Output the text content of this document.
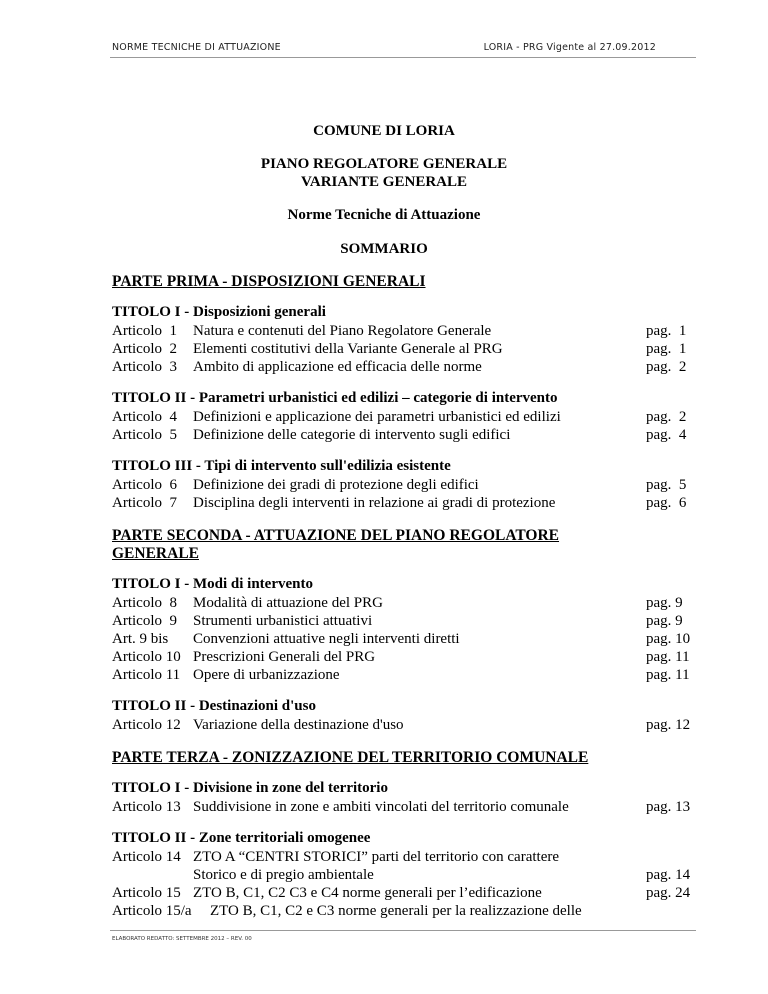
NORME TECNICHE DI ATTUAZIONE	LORIA - PRG Vigente al 27.09.2012
COMUNE DI LORIA
PIANO REGOLATORE GENERALE
VARIANTE GENERALE
Norme Tecniche di Attuazione
SOMMARIO
PARTE PRIMA - DISPOSIZIONI GENERALI
TITOLO I - Disposizioni generali
Articolo  1 Natura e contenuti del Piano Regolatore Generale	pag.  1
Articolo  2 Elementi costitutivi della Variante Generale al PRG	pag.  1
Articolo  3 Ambito di applicazione ed efficacia delle norme	pag.  2
TITOLO II - Parametri urbanistici ed edilizi – categorie di intervento
Articolo  4 Definizioni e applicazione dei parametri urbanistici ed edilizi	pag.  2
Articolo  5 Definizione delle categorie di intervento sugli edifici	pag.  4
TITOLO III - Tipi di intervento sull'edilizia esistente
Articolo  6 Definizione dei gradi di protezione degli edifici	pag.  5
Articolo  7 Disciplina degli interventi in relazione ai gradi di protezione	pag.  6
PARTE SECONDA - ATTUAZIONE DEL PIANO REGOLATORE
GENERALE
TITOLO I - Modi di intervento
Articolo  8 Modalità di attuazione del PRG	pag. 9
Articolo  9 Strumenti urbanistici attuativi	pag. 9
Art. 9 bis Convenzioni attuative negli interventi diretti	pag. 10
Articolo 10 Prescrizioni Generali del PRG	pag. 11
Articolo 11 Opere di urbanizzazione	pag. 11
TITOLO II - Destinazioni d'uso
Articolo 12 Variazione della destinazione d'uso	pag. 12
PARTE TERZA - ZONIZZAZIONE DEL TERRITORIO COMUNALE
TITOLO I - Divisione in zone del territorio
Articolo 13 Suddivisione in zone e ambiti vincolati del territorio comunale	pag. 13
TITOLO II - Zone territoriali omogenee
Articolo 14 ZTO A “CENTRI STORICI” parti del territorio con carattere
Storico e di pregio ambientale	pag. 14
Articolo 15 ZTO B, C1, C2 C3 e C4 norme generali per l’edificazione	pag. 24
Articolo 15/a ZTO B, C1, C2 e C3 norme generali per la realizzazione delle
ELABORATO REDATTO: SETTEMBRE 2012 – REV. 00
